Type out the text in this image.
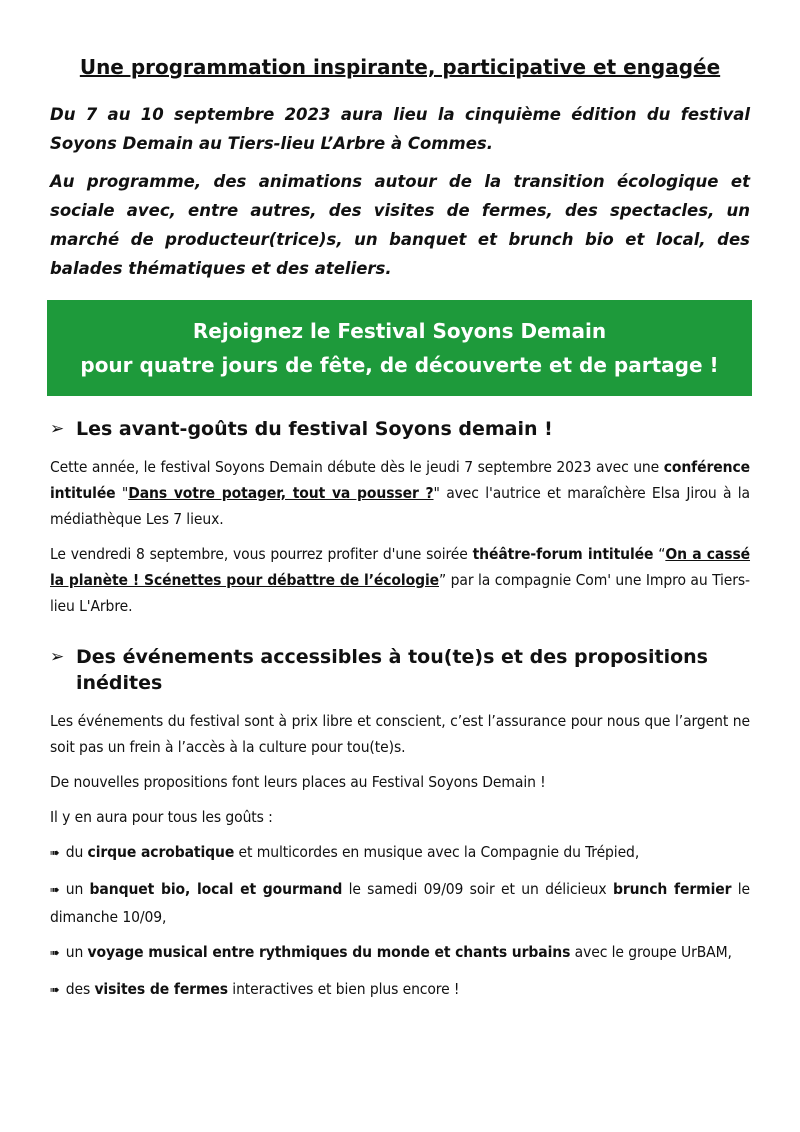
Une programmation inspirante, participative et engagée

Du 7 au 10 septembre 2023 aura lieu la cinquième édition du festival Soyons Demain au Tiers-lieu L’Arbre à Commes.

Au programme, des animations autour de la transition écologique et sociale avec, entre autres, des visites de fermes, des spectacles, un marché de producteur(trice)s, un banquet et brunch bio et local, des balades thématiques et des ateliers.

Rejoignez le Festival Soyons Demain
pour quatre jours de fête, de découverte et de partage !
➢ Les avant-goûts du festival Soyons demain !

Cette année, le festival Soyons Demain débute dès le jeudi 7 septembre 2023 avec une conférence intitulée "Dans votre potager, tout va pousser ?" avec l'autrice et maraîchère Elsa Jirou à la médiathèque Les 7 lieux.

Le vendredi 8 septembre, vous pourrez profiter d'une soirée théâtre-forum intitulée “On a cassé la planète ! Scénettes pour débattre de l’écologie” par la compagnie Com' une Impro au Tiers-lieu L'Arbre.

➢ Des événements accessibles à tou(te)s et des propositions inédites

Les événements du festival sont à prix libre et conscient, c’est l’assurance pour nous que l’argent ne soit pas un frein à l’accès à la culture pour tou(te)s.

De nouvelles propositions font leurs places au Festival Soyons Demain !

Il y en aura pour tous les goûts :

➠ du cirque acrobatique et multicordes en musique avec la Compagnie du Trépied,

➠ un banquet bio, local et gourmand le samedi 09/09 soir et un délicieux brunch fermier le dimanche 10/09,

➠ un voyage musical entre rythmiques du monde et chants urbains avec le groupe UrBAM,

➠ des visites de fermes interactives et bien plus encore !
